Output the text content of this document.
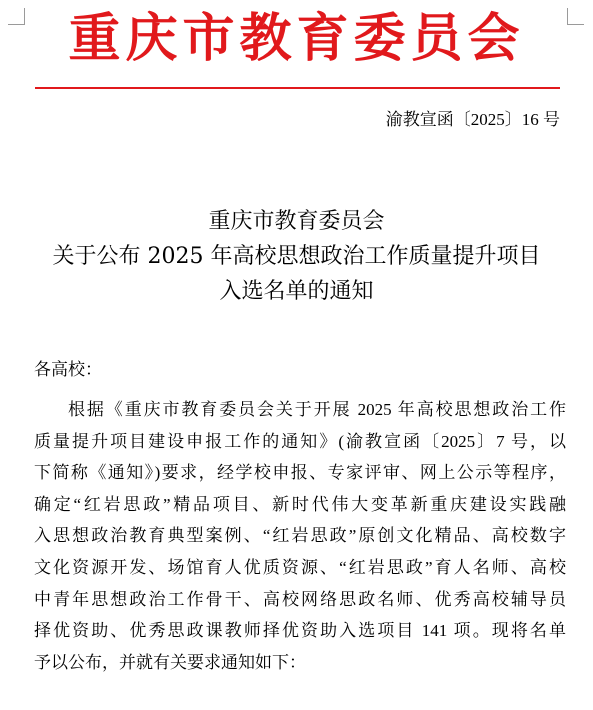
重庆市教育委员会
渝教宣函〔2025〕16 号
重庆市教育委员会
关于公布 2025 年高校思想政治工作质量提升项目
入选名单的通知
各高校：
根据《重庆市教育委员会关于开展 2025 年高校思想政治工作
质量提升项目建设申报工作的通知》(渝教宣函〔2025〕7 号，以
下简称《通知》)要求，经学校申报、专家评审、网上公示等程序，
确定“红岩思政”精品项目、新时代伟大变革新重庆建设实践融
入思想政治教育典型案例、“红岩思政”原创文化精品、高校数字
文化资源开发、场馆育人优质资源、“红岩思政”育人名师、高校
中青年思想政治工作骨干、高校网络思政名师、优秀高校辅导员
择优资助、优秀思政课教师择优资助入选项目 141 项。现将名单
予以公布，并就有关要求通知如下：
